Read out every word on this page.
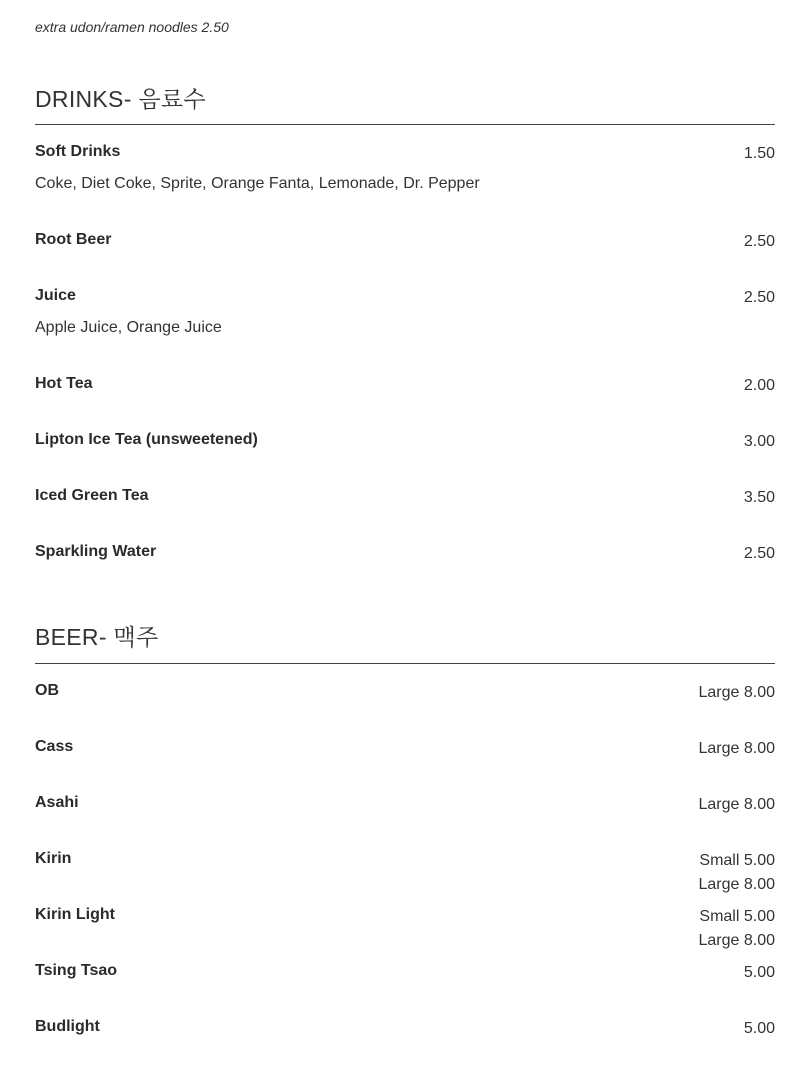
extra udon/ramen noodles 2.50
DRINKS- 음료수
Soft Drinks	1.50
Coke, Diet Coke, Sprite, Orange Fanta, Lemonade, Dr. Pepper
Root Beer	2.50
Juice	2.50
Apple Juice, Orange Juice
Hot Tea	2.00
Lipton Ice Tea (unsweetened)	3.00
Iced Green Tea	3.50
Sparkling Water	2.50
BEER- 맥주
OB	Large 8.00
Cass	Large 8.00
Asahi	Large 8.00
Kirin	Small 5.00
Large 8.00
Kirin Light	Small 5.00
Large 8.00
Tsing Tsao	5.00
Budlight	5.00
